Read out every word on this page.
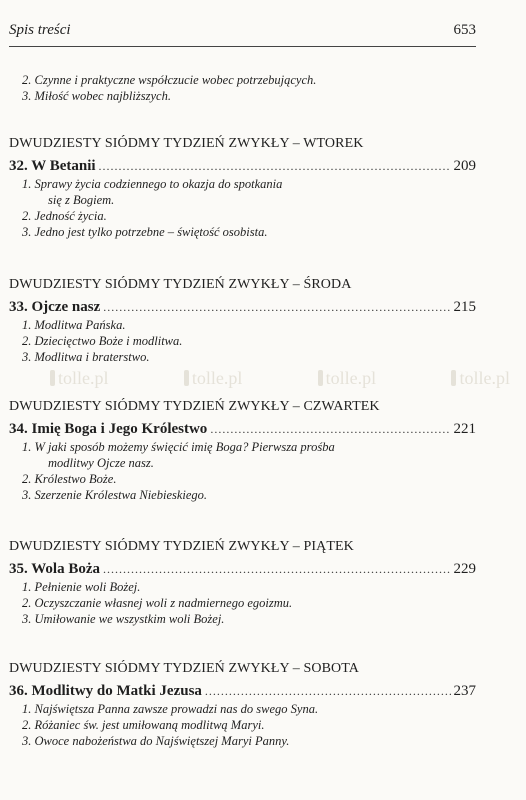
Spis treści	653
2. Czynne i praktyczne współczucie wobec potrzebujących.
3. Miłość wobec najbliższych.
tolle.pl	tolle.pl	tolle.pl	tolle.pl
DWUDZIESTY SIÓDMY TYDZIEŃ ZWYKŁY – WTOREK
32. W Betanii .....	209
1. Sprawy życia codziennego to okazja do spotkania
się z Bogiem.
2. Jedność życia.
3. Jedno jest tylko potrzebne – świętość osobista.
DWUDZIESTY SIÓDMY TYDZIEŃ ZWYKŁY – ŚRODA
33. Ojcze nasz .....	215
1. Modlitwa Pańska.
2. Dziecięctwo Boże i modlitwa.
3. Modlitwa i braterstwo.
DWUDZIESTY SIÓDMY TYDZIEŃ ZWYKŁY – CZWARTEK
34. Imię Boga i Jego Królestwo .....	221
1. W jaki sposób możemy święcić imię Boga? Pierwsza prośba
modlitwy Ojcze nasz.
2. Królestwo Boże.
3. Szerzenie Królestwa Niebieskiego.
DWUDZIESTY SIÓDMY TYDZIEŃ ZWYKŁY – PIĄTEK
35. Wola Boża .....	229
1. Pełnienie woli Bożej.
2. Oczyszczanie własnej woli z nadmiernego egoizmu.
3. Umiłowanie we wszystkim woli Bożej.
DWUDZIESTY SIÓDMY TYDZIEŃ ZWYKŁY – SOBOTA
36. Modlitwy do Matki Jezusa .....	237
1. Najświętsza Panna zawsze prowadzi nas do swego Syna.
2. Różaniec św. jest umiłowaną modlitwą Maryi.
3. Owoce nabożeństwa do Najświętszej Maryi Panny.
